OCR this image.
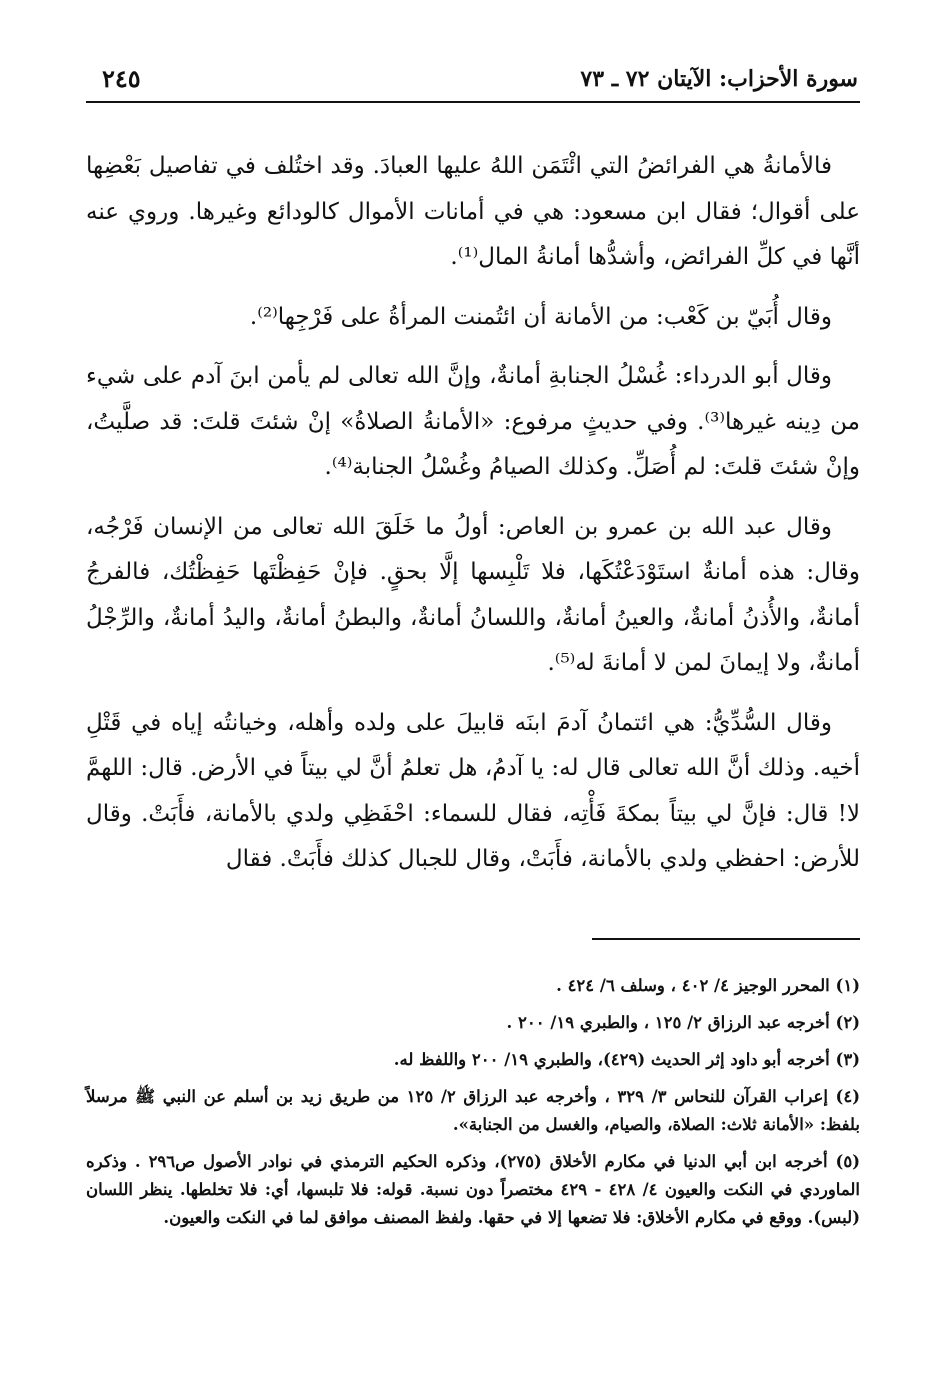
سورة الأحزاب: الآيتان ٧٢ ـ ٧٣
٢٤٥

فالأمانةُ هي الفرائضُ التي ائْتَمَن اللهُ عليها العبادَ. وقد اختُلف في تفاصيل بَعْضِها على أقوال؛ فقال ابن مسعود: هي في أمانات الأموال كالودائع وغيرها. وروي عنه أنَّها في كلِّ الفرائض، وأشدُّها أمانةُ المال⁽¹⁾.

وقال أُبَيّ بن كَعْب: من الأمانة أن ائتُمنت المرأةُ على فَرْجِها⁽²⁾.

وقال أبو الدرداء: غُسْلُ الجنابةِ أمانةٌ، وإنَّ الله تعالى لم يأمن ابنَ آدم على شيء من دِينه غيرها⁽³⁾. وفي حديثٍ مرفوع: «الأمانةُ الصلاةُ» إنْ شئتَ قلتَ: قد صلَّيتُ، وإنْ شئتَ قلتَ: لم أُصَلِّ. وكذلك الصيامُ وغُسْلُ الجنابة⁽⁴⁾.

وقال عبد الله بن عمرو بن العاص: أولُ ما خَلَقَ الله تعالى من الإنسان فَرْجُه، وقال: هذه أمانةٌ استَوْدَعْتُكَها، فلا تَلْبِسها إلَّا بحقٍ. فإنْ حَفِظْتَها حَفِظْتُك، فالفرجُ أمانةٌ، والأُذنُ أمانةٌ، والعينُ أمانةٌ، واللسانُ أمانةٌ، والبطنُ أمانةٌ، واليدُ أمانةٌ، والرِّجْلُ أمانةٌ، ولا إيمانَ لمن لا أمانةَ له⁽⁵⁾.

وقال السُّدِّيُّ: هي ائتمانُ آدمَ ابنَه قابيلَ على ولده وأهله، وخيانتُه إياه في قَتْلِ أخيه. وذلك أنَّ الله تعالى قال له: يا آدمُ، هل تعلمُ أنَّ لي بيتاً في الأرض. قال: اللهمَّ لا! قال: فإنَّ لي بيتاً بمكةَ فَأْتِه، فقال للسماء: احْفَظِي ولدي بالأمانة، فأَبَتْ. وقال للأرض: احفظي ولدي بالأمانة، فأَبَتْ، وقال للجبال كذلك فأَبَتْ. فقال

(١) المحرر الوجيز ٤/ ٤٠٢ ، وسلف ٦/ ٤٢٤ .
(٢) أخرجه عبد الرزاق ٢/ ١٢٥ ، والطبري ١٩/ ٢٠٠ .
(٣) أخرجه أبو داود إثر الحديث (٤٢٩)، والطبري ١٩/ ٢٠٠ واللفظ له.
(٤) إعراب القرآن للنحاس ٣/ ٣٢٩ ، وأخرجه عبد الرزاق ٢/ ١٢٥ من طريق زيد بن أسلم عن النبي ﷺ مرسلاً بلفظ: «الأمانة ثلاث: الصلاة، والصيام، والغسل من الجنابة».
(٥) أخرجه ابن أبي الدنيا في مكارم الأخلاق (٢٧٥)، وذكره الحكيم الترمذي في نوادر الأصول ص٢٩٦ . وذكره الماوردي في النكت والعيون ٤/ ٤٢٨ - ٤٢٩ مختصراً دون نسبة. قوله: فلا تلبسها، أي: فلا تخلطها. ينظر اللسان (لبس). ووقع في مكارم الأخلاق: فلا تضعها إلا في حقها. ولفظ المصنف موافق لما في النكت والعيون.
